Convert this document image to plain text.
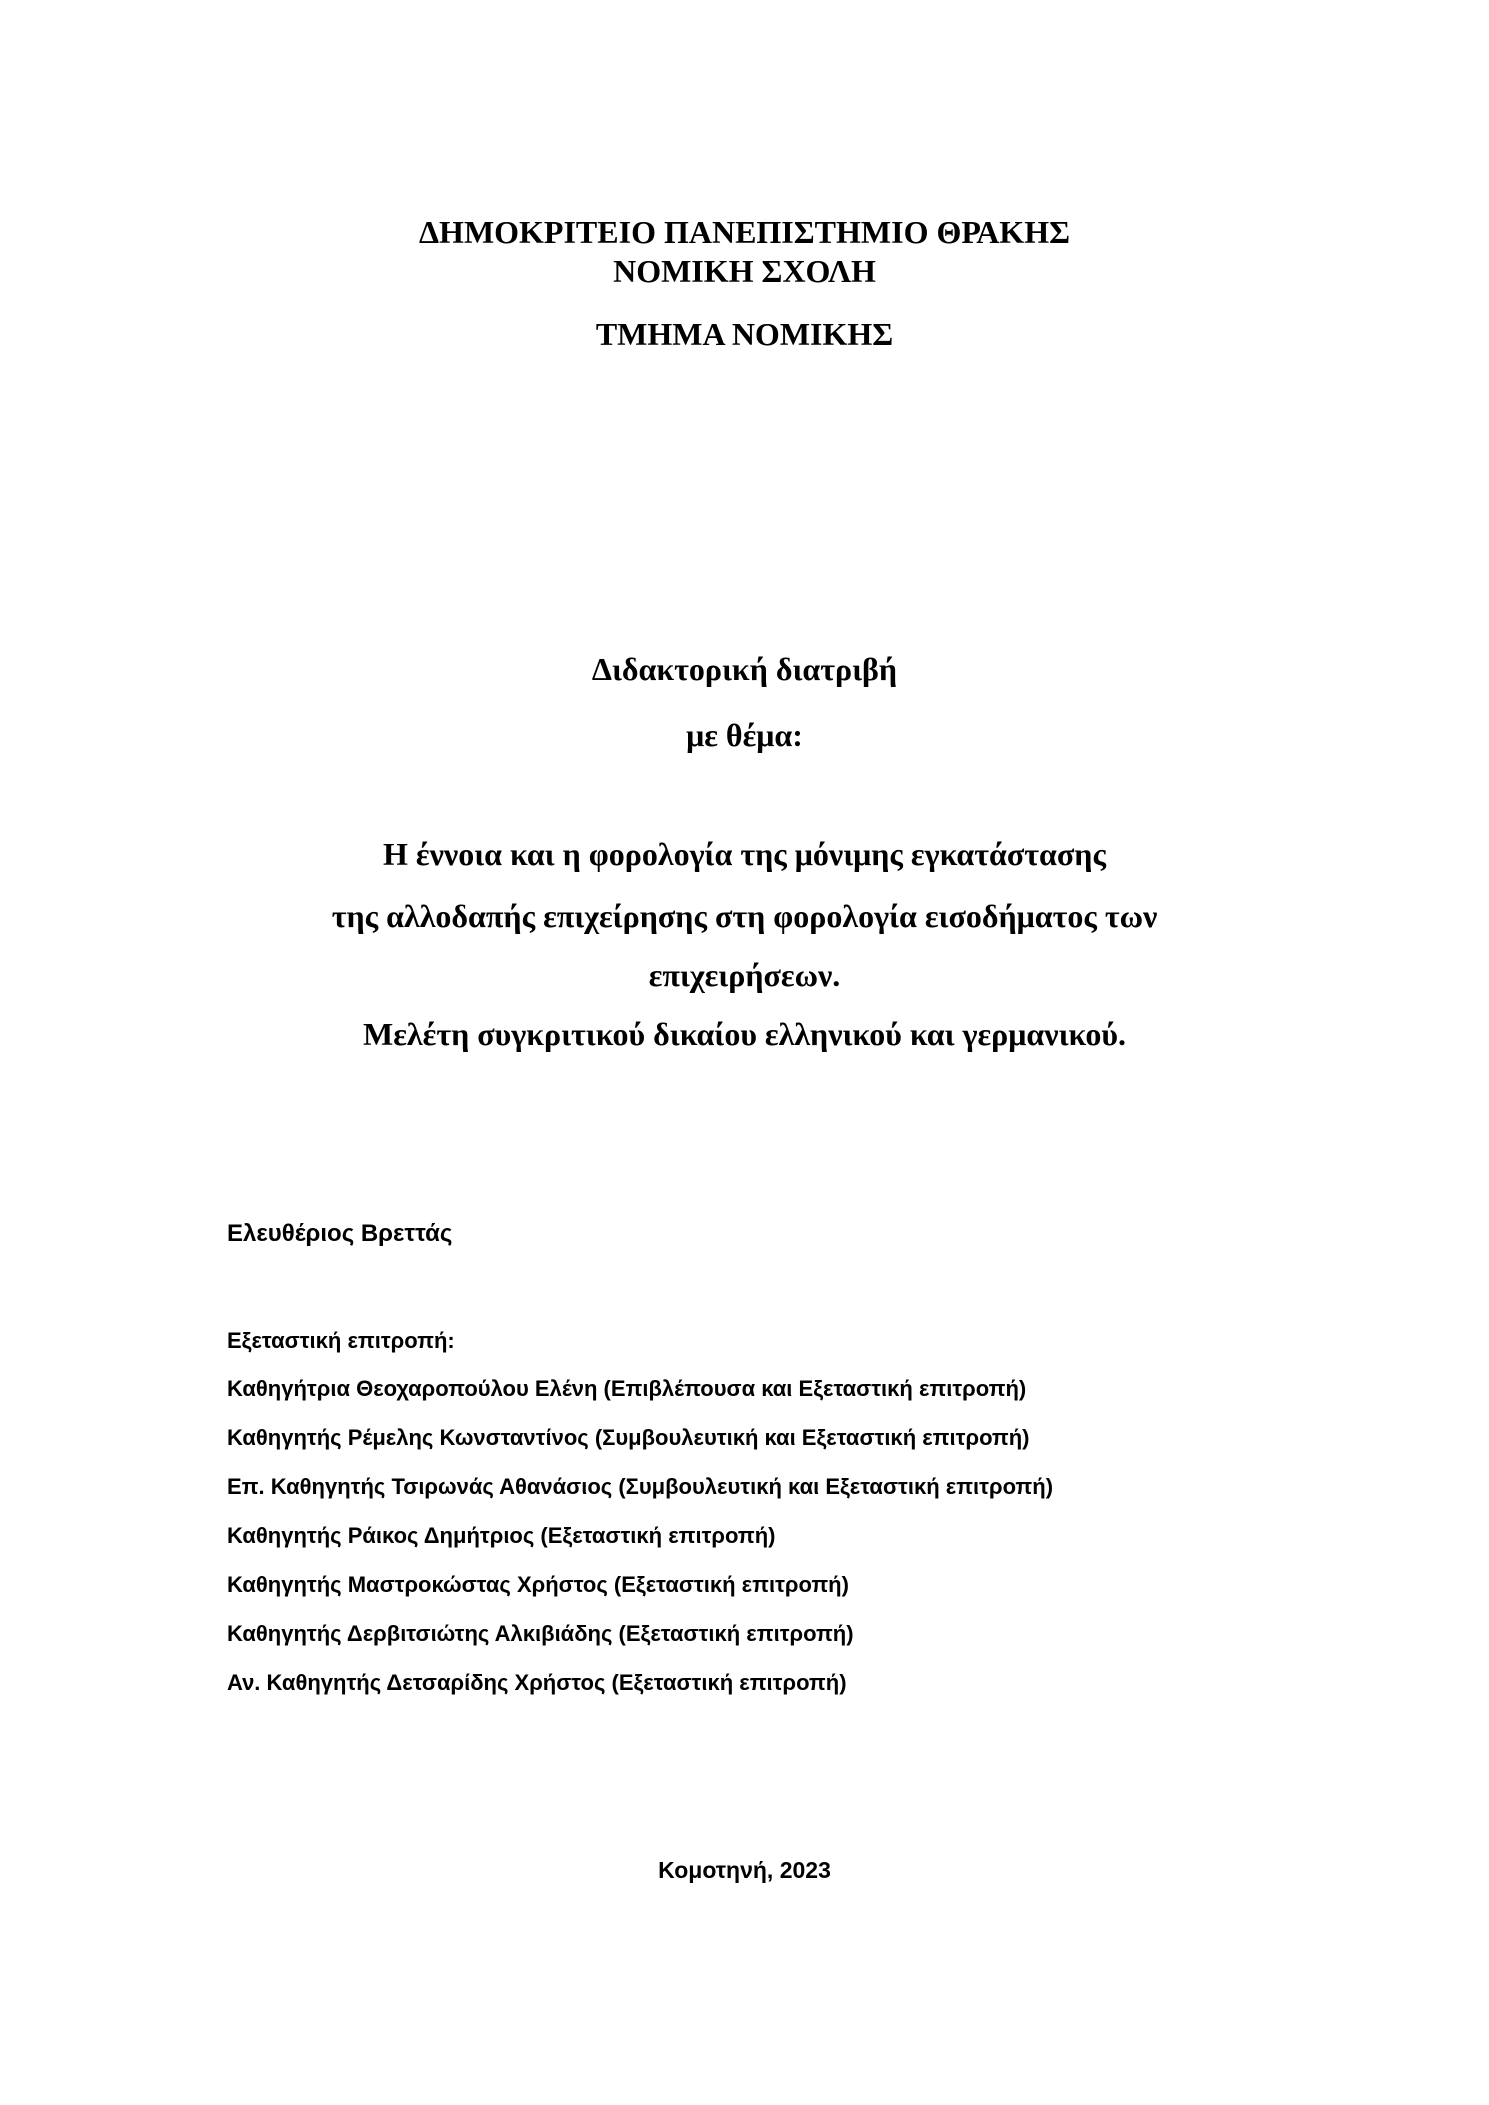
ΔΗΜΟΚΡΙΤΕΙΟ ΠΑΝΕΠΙΣΤΗΜΙΟ ΘΡΑΚΗΣ
ΝΟΜΙΚΗ ΣΧΟΛΗ
ΤΜΗΜΑ ΝΟΜΙΚΗΣ
Διδακτορική διατριβή
με θέμα:
Η έννοια και η φορολογία της μόνιμης εγκατάστασης
της αλλοδαπής επιχείρησης στη φορολογία εισοδήματος των
επιχειρήσεων.
Μελέτη συγκριτικού δικαίου ελληνικού και γερμανικού.
Ελευθέριος Βρεττάς
Εξεταστική επιτροπή:
Καθηγήτρια Θεοχαροπούλου Ελένη (Επιβλέπουσα και Εξεταστική επιτροπή)
Καθηγητής Ρέμελης Κωνσταντίνος (Συμβουλευτική και Εξεταστική επιτροπή)
Επ. Καθηγητής Τσιρωνάς Αθανάσιος (Συμβουλευτική και Εξεταστική επιτροπή)
Καθηγητής Ράικος Δημήτριος (Εξεταστική επιτροπή)
Καθηγητής Μαστροκώστας Χρήστος (Εξεταστική επιτροπή)
Καθηγητής Δερβιτσιώτης Αλκιβιάδης (Εξεταστική επιτροπή)
Αν. Καθηγητής Δετσαρίδης Χρήστος (Εξεταστική επιτροπή)
Κομοτηνή, 2023
